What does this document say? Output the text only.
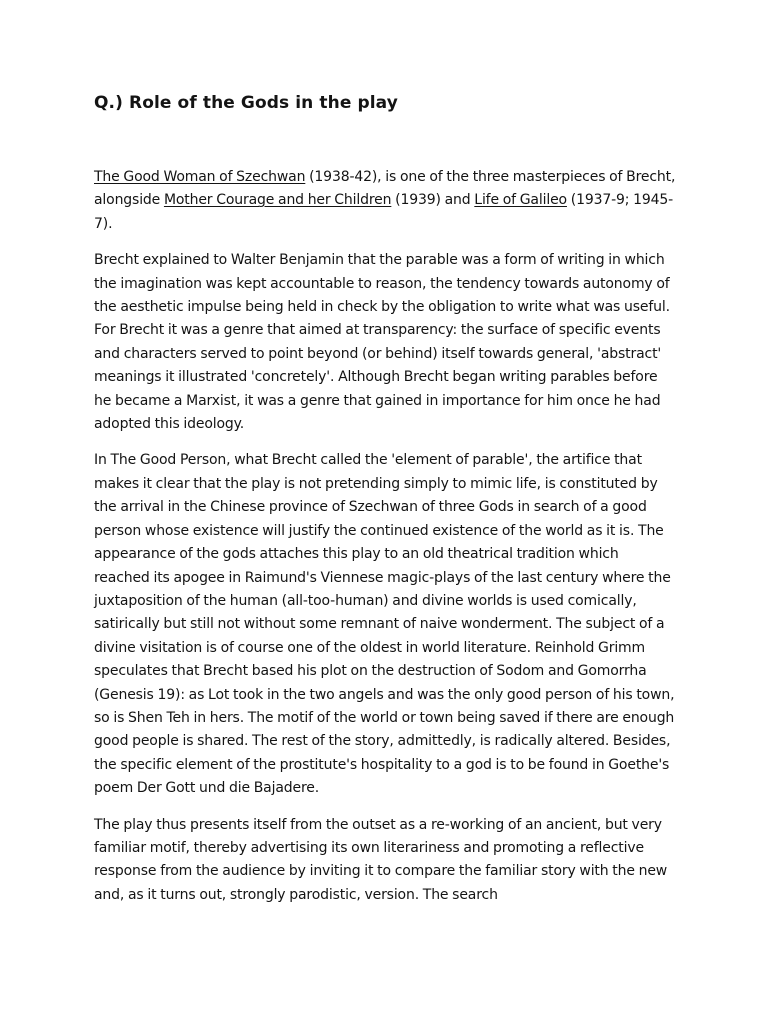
Q.) Role of the Gods in the play

The Good Woman of Szechwan (1938-42), is one of the three masterpieces of Brecht, alongside Mother Courage and her Children (1939) and Life of Galileo (1937-9; 1945-7).

Brecht explained to Walter Benjamin that the parable was a form of writing in which the imagination was kept accountable to reason, the tendency towards autonomy of the aesthetic impulse being held in check by the obligation to write what was useful. For Brecht it was a genre that aimed at transparency: the surface of specific events and characters served to point beyond (or behind) itself towards general, 'abstract' meanings it illustrated 'concretely'. Although Brecht began writing parables before he became a Marxist, it was a genre that gained in importance for him once he had adopted this ideology.

In The Good Person, what Brecht called the 'element of parable', the artifice that makes it clear that the play is not pretending simply to mimic life, is constituted by the arrival in the Chinese province of Szechwan of three Gods in search of a good person whose existence will justify the continued existence of the world as it is. The appearance of the gods attaches this play to an old theatrical tradition which reached its apogee in Raimund's Viennese magic-plays of the last century where the juxtaposition of the human (all-too-human) and divine worlds is used comically, satirically but still not without some remnant of naive wonderment. The subject of a divine visitation is of course one of the oldest in world literature. Reinhold Grimm speculates that Brecht based his plot on the destruction of Sodom and Gomorrha (Genesis 19): as Lot took in the two angels and was the only good person of his town, so is Shen Teh in hers. The motif of the world or town being saved if there are enough good people is shared. The rest of the story, admittedly, is radically altered. Besides, the specific element of the prostitute's hospitality to a god is to be found in Goethe's poem Der Gott und die Bajadere.

The play thus presents itself from the outset as a re-working of an ancient, but very familiar motif, thereby advertising its own literariness and promoting a reflective response from the audience by inviting it to compare the familiar story with the new and, as it turns out, strongly parodistic, version. The search
